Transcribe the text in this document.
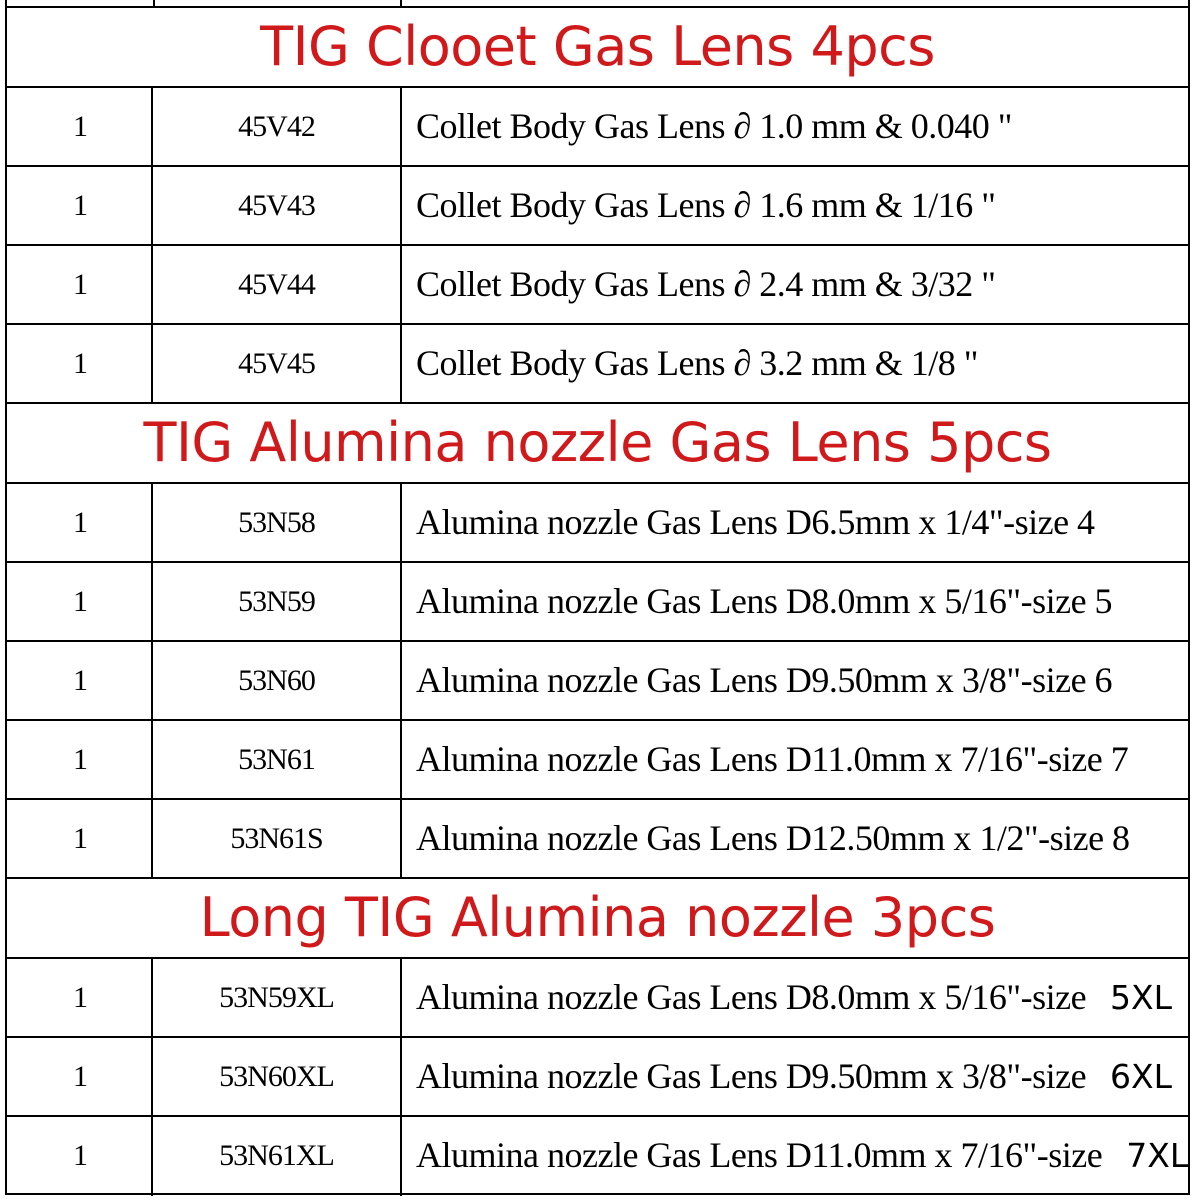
TIG Clooet Gas Lens 4pcs
1	45V42	Collet Body Gas Lens ∂ 1.0 mm & 0.040 "
1	45V43	Collet Body Gas Lens ∂ 1.6 mm & 1/16 "
1	45V44	Collet Body Gas Lens ∂ 2.4 mm & 3/32 "
1	45V45	Collet Body Gas Lens ∂ 3.2 mm & 1/8 "
TIG Alumina nozzle Gas Lens 5pcs
1	53N58	Alumina nozzle Gas Lens D6.5mm x 1/4"-size 4
1	53N59	Alumina nozzle Gas Lens D8.0mm x 5/16"-size 5
1	53N60	Alumina nozzle Gas Lens D9.50mm x 3/8"-size 6
1	53N61	Alumina nozzle Gas Lens D11.0mm x 7/16"-size 7
1	53N61S	Alumina nozzle Gas Lens D12.50mm x 1/2"-size 8
Long TIG Alumina nozzle 3pcs
1	53N59XL	Alumina nozzle Gas Lens D8.0mm x 5/16"-size 5XL
1	53N60XL	Alumina nozzle Gas Lens D9.50mm x 3/8"-size 6XL
1	53N61XL	Alumina nozzle Gas Lens D11.0mm x 7/16"-size 7XL
